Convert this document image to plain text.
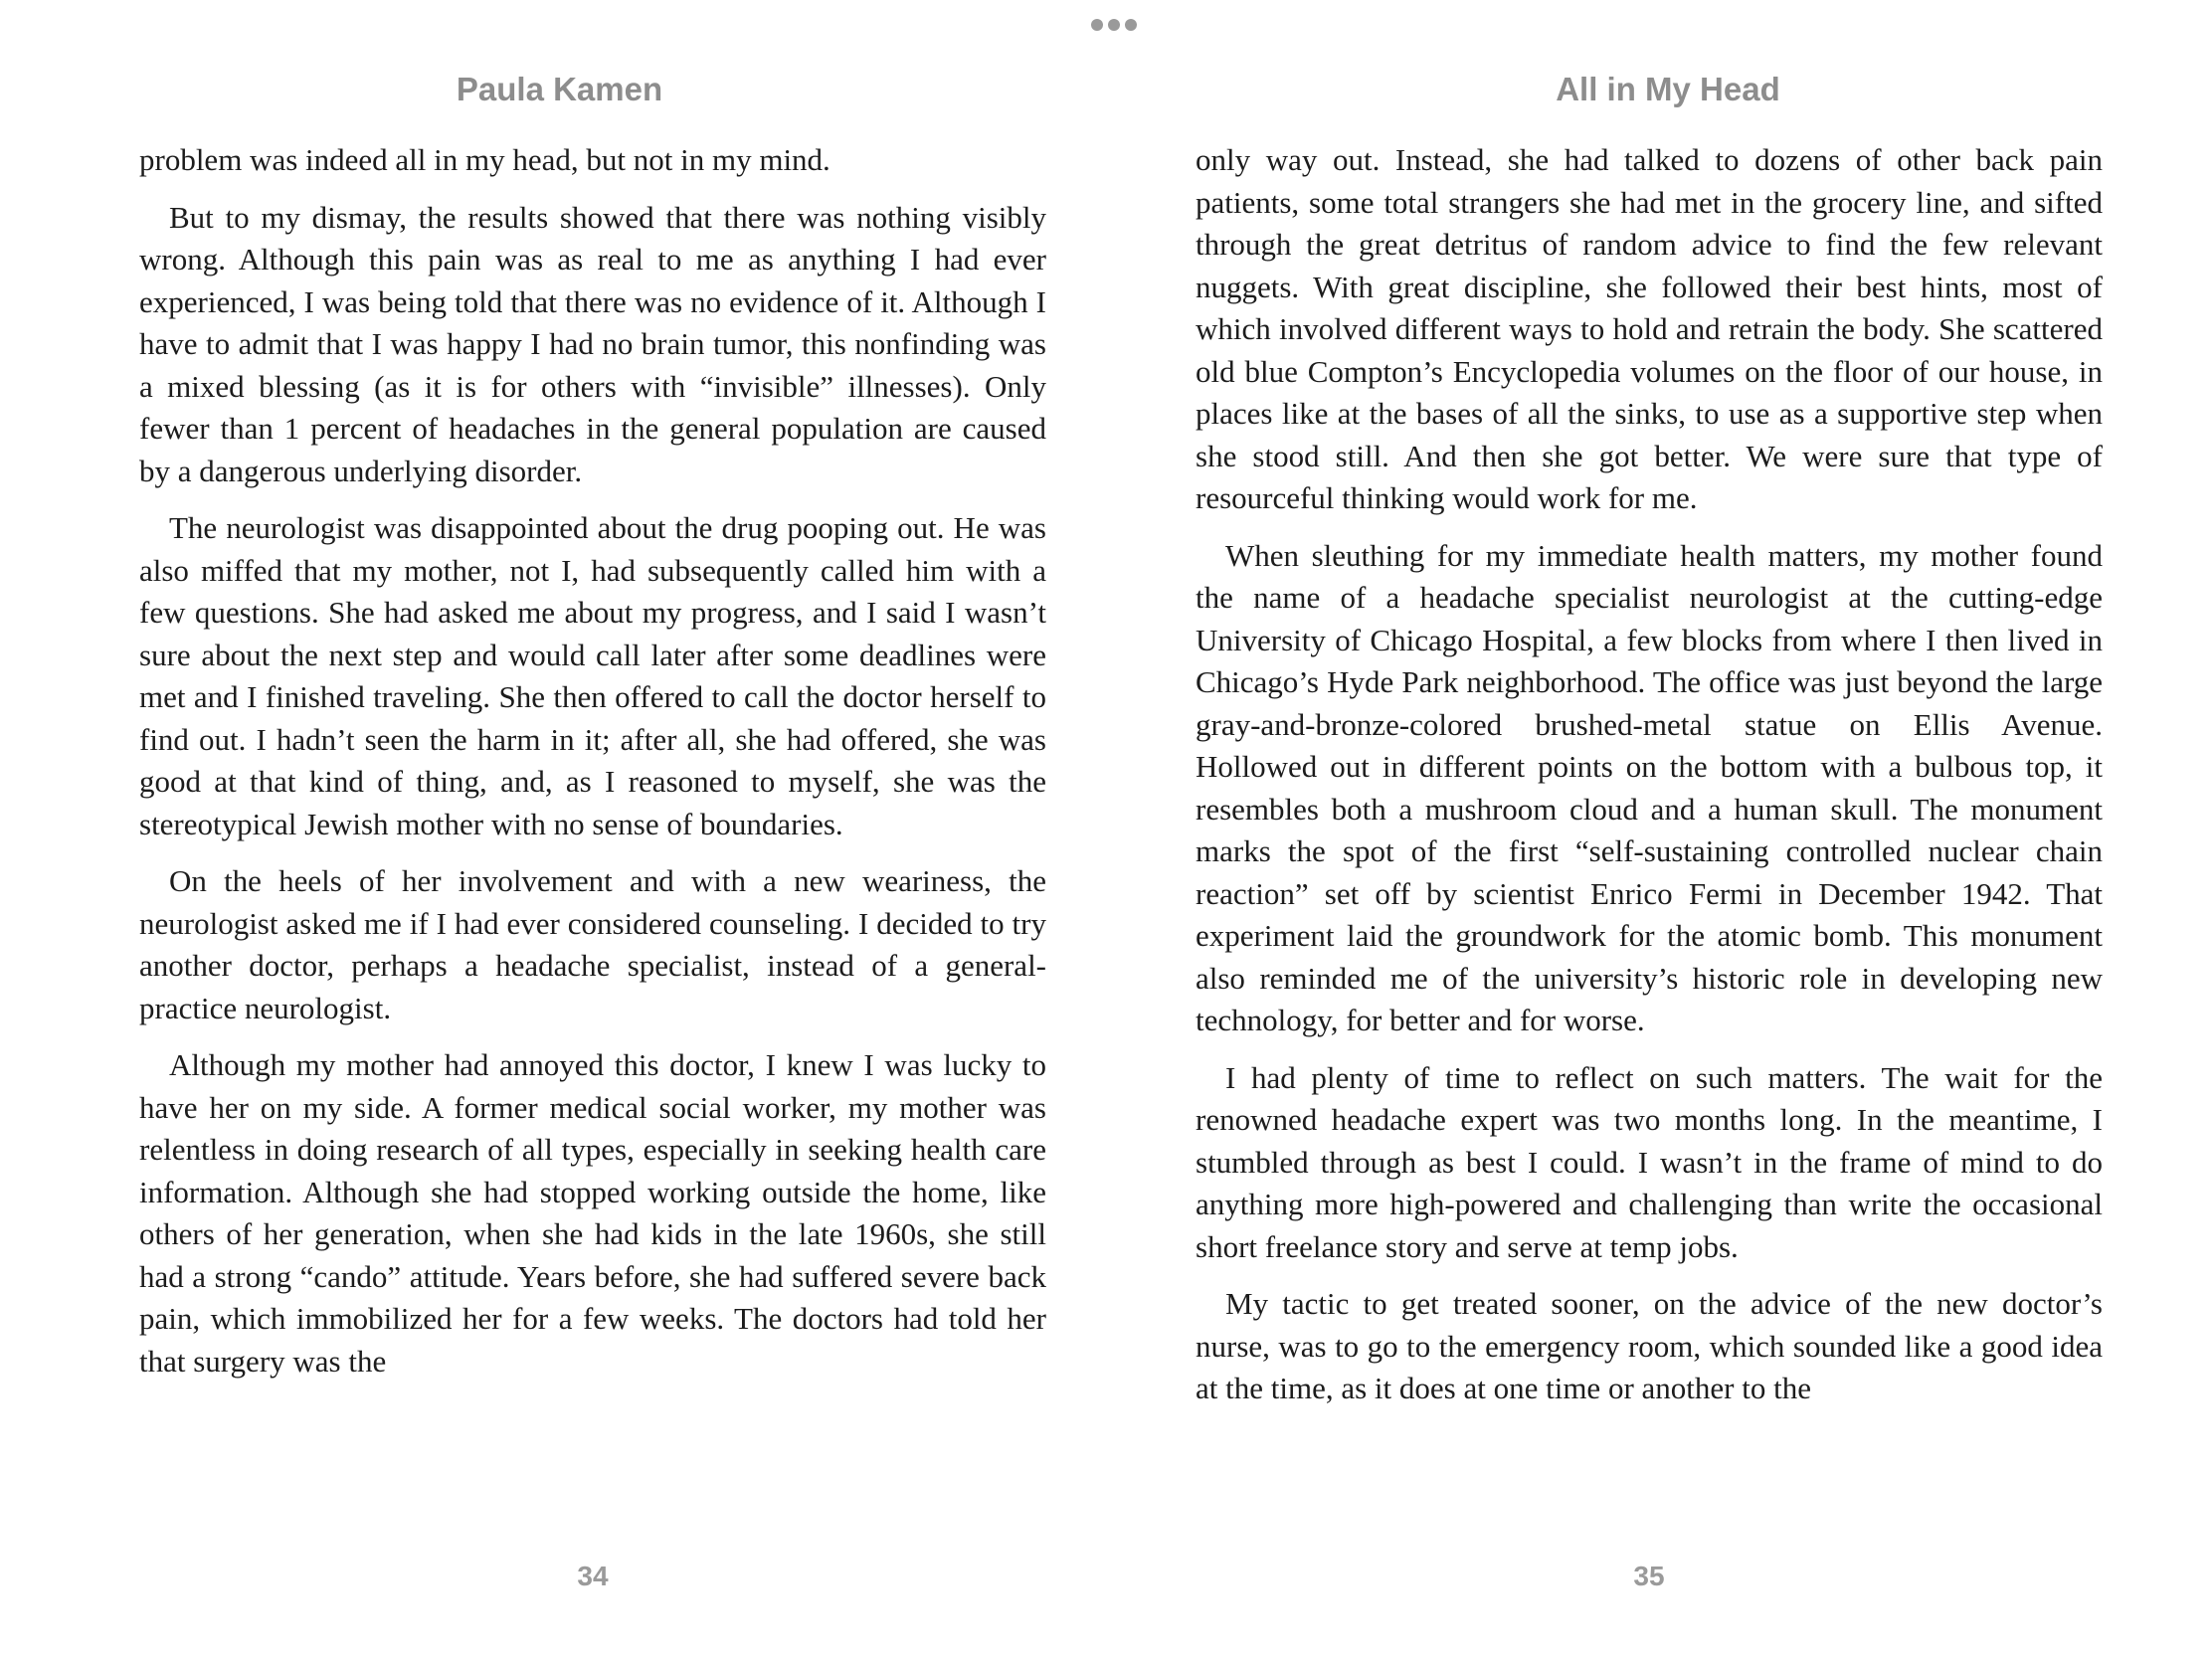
Paula Kamen	All in My Head

problem was indeed all in my head, but not in my mind.

But to my dismay, the results showed that there was nothing visibly wrong. Although this pain was as real to me as anything I had ever experienced, I was being told that there was no evidence of it. Although I have to admit that I was happy I had no brain tumor, this nonfinding was a mixed blessing (as it is for others with “invisible” illnesses). Only fewer than 1 percent of headaches in the general population are caused by a dangerous underlying disorder.

The neurologist was disappointed about the drug pooping out. He was also miffed that my mother, not I, had subsequently called him with a few questions. She had asked me about my progress, and I said I wasn’t sure about the next step and would call later after some deadlines were met and I finished traveling. She then offered to call the doctor herself to find out. I hadn’t seen the harm in it; after all, she had offered, she was good at that kind of thing, and, as I reasoned to myself, she was the stereotypical Jewish mother with no sense of boundaries.

On the heels of her involvement and with a new weariness, the neurologist asked me if I had ever considered counseling. I decided to try another doctor, perhaps a headache specialist, instead of a general-practice neurologist.

Although my mother had annoyed this doctor, I knew I was lucky to have her on my side. A former medical social worker, my mother was relentless in doing research of all types, especially in seeking health care information. Although she had stopped working outside the home, like others of her generation, when she had kids in the late 1960s, she still had a strong “cando” attitude. Years before, she had suffered severe back pain, which immobilized her for a few weeks. The doctors had told her that surgery was the

only way out. Instead, she had talked to dozens of other back pain patients, some total strangers she had met in the grocery line, and sifted through the great detritus of random advice to find the few relevant nuggets. With great discipline, she followed their best hints, most of which involved different ways to hold and retrain the body. She scattered old blue Compton’s Encyclopedia volumes on the floor of our house, in places like at the bases of all the sinks, to use as a supportive step when she stood still. And then she got better. We were sure that type of resourceful thinking would work for me.

When sleuthing for my immediate health matters, my mother found the name of a headache specialist neurologist at the cutting-edge University of Chicago Hospital, a few blocks from where I then lived in Chicago’s Hyde Park neighborhood. The office was just beyond the large gray-and-bronze-colored brushed-metal statue on Ellis Avenue. Hollowed out in different points on the bottom with a bulbous top, it resembles both a mushroom cloud and a human skull. The monument marks the spot of the first “self-sustaining controlled nuclear chain reaction” set off by scientist Enrico Fermi in December 1942. That experiment laid the groundwork for the atomic bomb. This monument also reminded me of the university’s historic role in developing new technology, for better and for worse.

I had plenty of time to reflect on such matters. The wait for the renowned headache expert was two months long. In the meantime, I stumbled through as best I could. I wasn’t in the frame of mind to do anything more high-powered and challenging than write the occasional short freelance story and serve at temp jobs.

My tactic to get treated sooner, on the advice of the new doctor’s nurse, was to go to the emergency room, which sounded like a good idea at the time, as it does at one time or another to the

34	35
